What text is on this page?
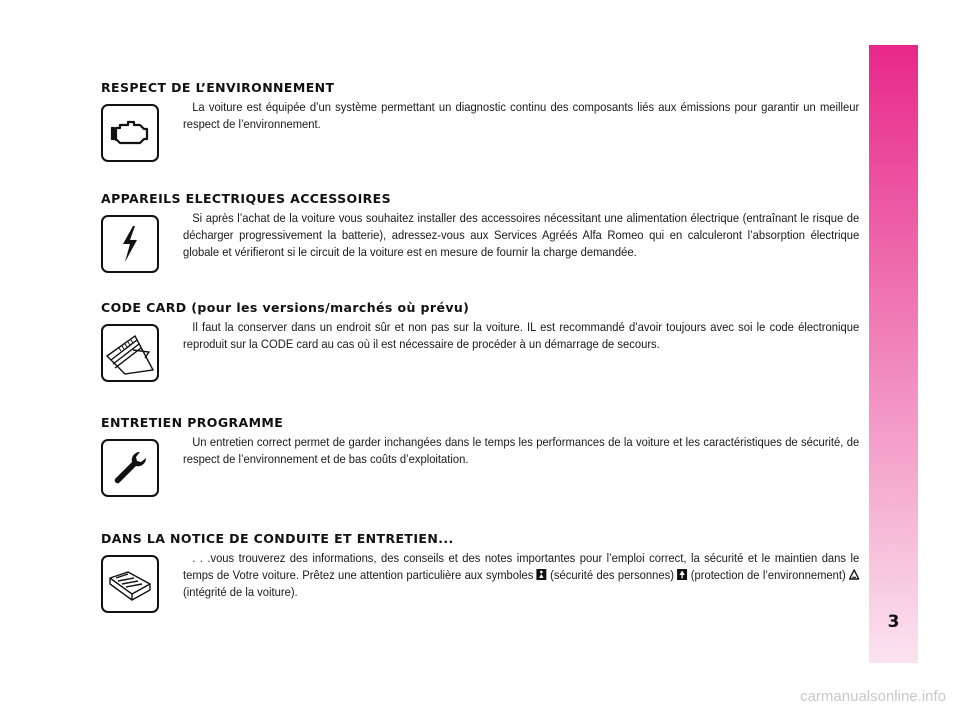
3
RESPECT DE L’ENVIRONNEMENT

La voiture est équipée d’un système permettant un diagnostic continu des composants liés aux émissions pour garantir un meilleur respect de l’environnement.

APPAREILS ELECTRIQUES ACCESSOIRES

Si après l’achat de la voiture vous souhaitez installer des accessoires nécessitant une alimentation électrique (entraînant le risque de décharger progressivement la batterie), adressez-vous aux Services Agréés Alfa Romeo qui en calculeront l’absorption électrique globale et vérifieront si le circuit de la voiture est en mesure de fournir la charge demandée.

CODE CARD (pour les versions/marchés où prévu)

Il faut la conserver dans un endroit sûr et non pas sur la voiture. IL est recommandé d’avoir toujours avec soi le code électronique reproduit sur la CODE card au cas où il est nécessaire de procéder à un démarrage de secours.

ENTRETIEN PROGRAMME

Un entretien correct permet de garder inchangées dans le temps les performances de la voiture et les caractéristiques de sécurité, de respect de l’environnement et de bas coûts d’exploitation.

DANS LA NOTICE DE CONDUITE ET ENTRETIEN...

. . .vous trouverez des informations, des conseils et des notes importantes pour l’emploi correct, la sécurité et le maintien dans le temps de Votre voiture. Prêtez une attention particulière aux symboles  (sécurité des personnes)  (protection de l’environnement)  (intégrité de la voiture).

carmanualsonline.info
